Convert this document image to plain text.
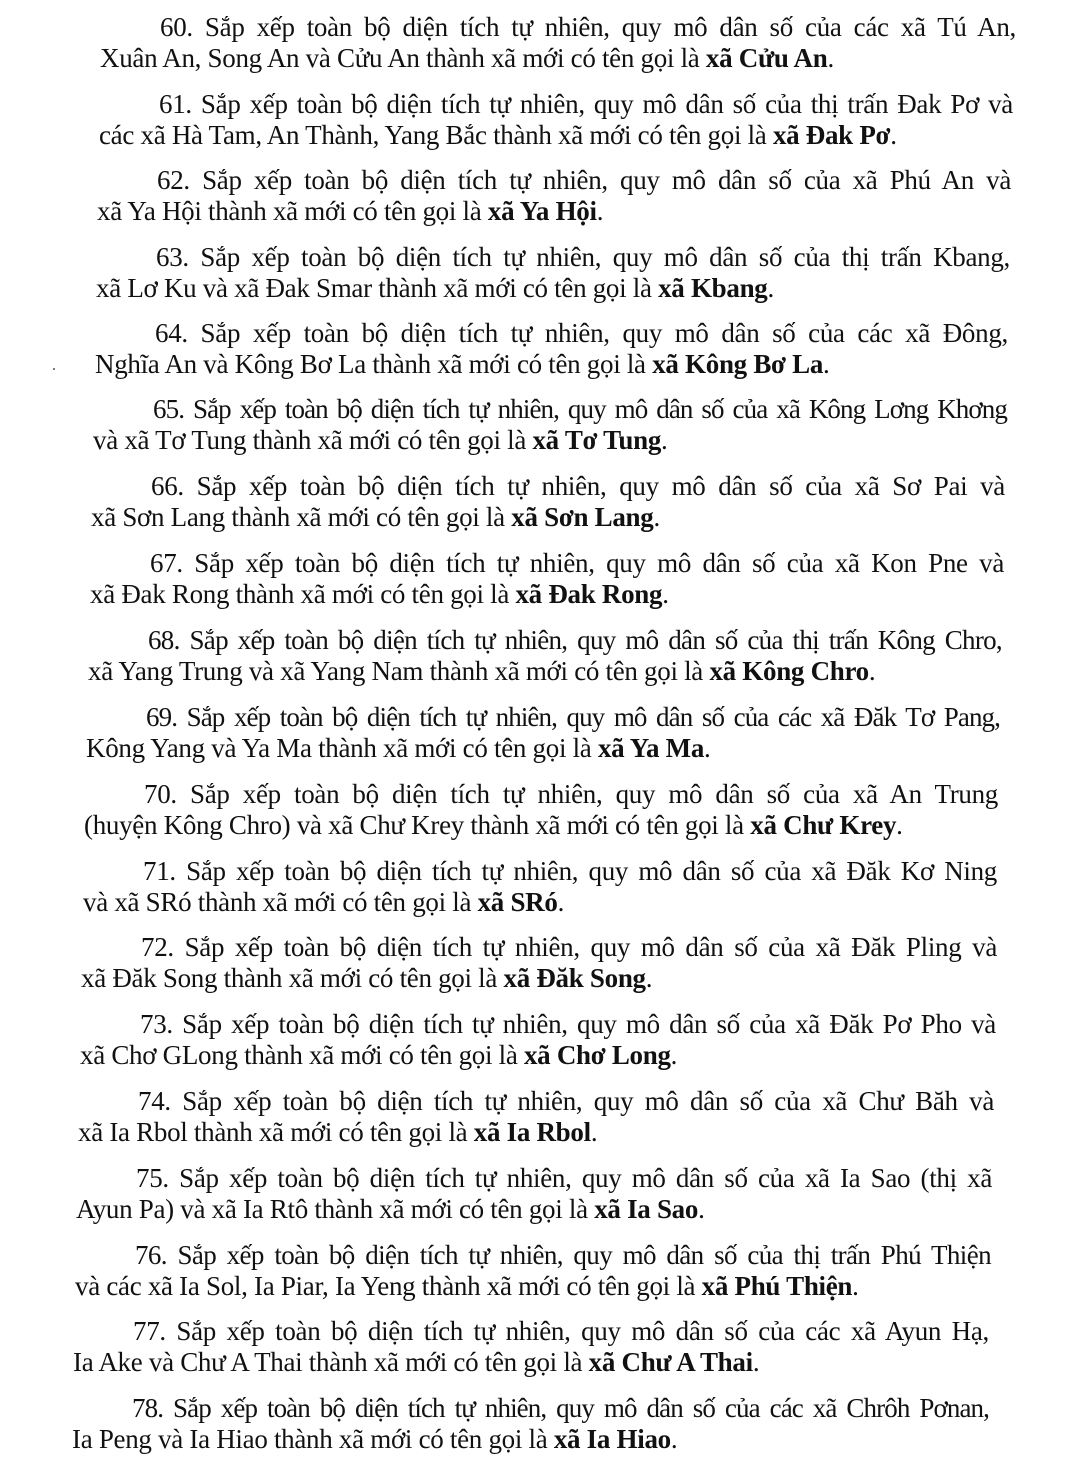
60. Sắp xếp toàn bộ diện tích tự nhiên, quy mô dân số của các xã Tú An,
Xuân An, Song An và Cửu An thành xã mới có tên gọi là xã Cửu An.
61. Sắp xếp toàn bộ diện tích tự nhiên, quy mô dân số của thị trấn Đak Pơ và
các xã Hà Tam, An Thành, Yang Bắc thành xã mới có tên gọi là xã Đak Pơ.
62. Sắp xếp toàn bộ diện tích tự nhiên, quy mô dân số của xã Phú An và
xã Ya Hội thành xã mới có tên gọi là xã Ya Hội.
63. Sắp xếp toàn bộ diện tích tự nhiên, quy mô dân số của thị trấn Kbang,
xã Lơ Ku và xã Đak Smar thành xã mới có tên gọi là xã Kbang.
64. Sắp xếp toàn bộ diện tích tự nhiên, quy mô dân số của các xã Đông,
Nghĩa An và Kông Bơ La thành xã mới có tên gọi là xã Kông Bơ La.
65. Sắp xếp toàn bộ diện tích tự nhiên, quy mô dân số của xã Kông Lơng Khơng
và xã Tơ Tung thành xã mới có tên gọi là xã Tơ Tung.
66. Sắp xếp toàn bộ diện tích tự nhiên, quy mô dân số của xã Sơ Pai và
xã Sơn Lang thành xã mới có tên gọi là xã Sơn Lang.
67. Sắp xếp toàn bộ diện tích tự nhiên, quy mô dân số của xã Kon Pne và
xã Đak Rong thành xã mới có tên gọi là xã Đak Rong.
68. Sắp xếp toàn bộ diện tích tự nhiên, quy mô dân số của thị trấn Kông Chro,
xã Yang Trung và xã Yang Nam thành xã mới có tên gọi là xã Kông Chro.
69. Sắp xếp toàn bộ diện tích tự nhiên, quy mô dân số của các xã Đăk Tơ Pang,
Kông Yang và Ya Ma thành xã mới có tên gọi là xã Ya Ma.
70. Sắp xếp toàn bộ diện tích tự nhiên, quy mô dân số của xã An Trung
(huyện Kông Chro) và xã Chư Krey thành xã mới có tên gọi là xã Chư Krey.
71. Sắp xếp toàn bộ diện tích tự nhiên, quy mô dân số của xã Đăk Kơ Ning
và xã SRó thành xã mới có tên gọi là xã SRó.
72. Sắp xếp toàn bộ diện tích tự nhiên, quy mô dân số của xã Đăk Pling và
xã Đăk Song thành xã mới có tên gọi là xã Đăk Song.
73. Sắp xếp toàn bộ diện tích tự nhiên, quy mô dân số của xã Đăk Pơ Pho và
xã Chơ GLong thành xã mới có tên gọi là xã Chơ Long.
74. Sắp xếp toàn bộ diện tích tự nhiên, quy mô dân số của xã Chư Băh và
xã Ia Rbol thành xã mới có tên gọi là xã Ia Rbol.
75. Sắp xếp toàn bộ diện tích tự nhiên, quy mô dân số của xã Ia Sao (thị xã
Ayun Pa) và xã Ia Rtô thành xã mới có tên gọi là xã Ia Sao.
76. Sắp xếp toàn bộ diện tích tự nhiên, quy mô dân số của thị trấn Phú Thiện
và các xã Ia Sol, Ia Piar, Ia Yeng thành xã mới có tên gọi là xã Phú Thiện.
77. Sắp xếp toàn bộ diện tích tự nhiên, quy mô dân số của các xã Ayun Hạ,
Ia Ake và Chư A Thai thành xã mới có tên gọi là xã Chư A Thai.
78. Sắp xếp toàn bộ diện tích tự nhiên, quy mô dân số của các xã Chrôh Pơnan,
Ia Peng và Ia Hiao thành xã mới có tên gọi là xã Ia Hiao.
